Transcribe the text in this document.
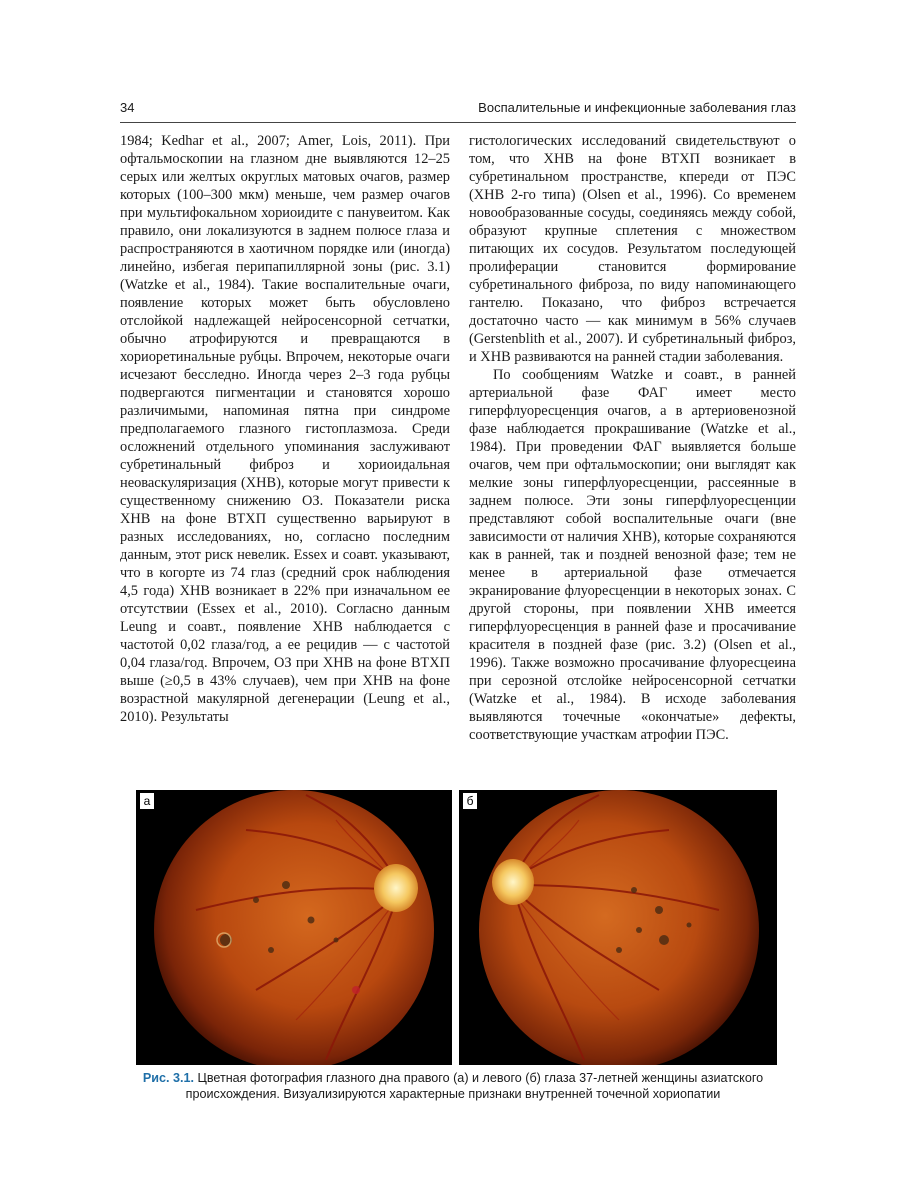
34	Воспалительные и инфекционные заболевания глаз

1984; Kedhar et al., 2007; Amer, Lois, 2011). При офтальмоскопии на глазном дне выявляются 12–25 серых или желтых округлых матовых очагов, размер которых (100–300 мкм) меньше, чем размер очагов при мультифокальном хориоидите с панувеитом. Как правило, они локализуются в заднем полюсе глаза и распространяются в хаотичном порядке или (иногда) линейно, избегая перипапиллярной зоны (рис. 3.1) (Watzke et al., 1984). Такие воспалительные очаги, появление которых может быть обусловлено отслойкой надлежащей нейросенсорной сетчатки, обычно атрофируются и превращаются в хориоретинальные рубцы. Впрочем, некоторые очаги исчезают бесследно. Иногда через 2–3 года рубцы подвергаются пигментации и становятся хорошо различимыми, напоминая пятна при синдроме предполагаемого глазного гистоплазмоза. Среди осложнений отдельного упоминания заслуживают субретинальный фиброз и хориоидальная неоваскуляризация (ХНВ), которые могут привести к существенному снижению ОЗ. Показатели риска ХНВ на фоне ВТХП существенно варьируют в разных исследованиях, но, согласно последним данным, этот риск невелик. Essex и соавт. указывают, что в когорте из 74 глаз (средний срок наблюдения 4,5 года) ХНВ возникает в 22% при изначальном ее отсутствии (Essex et al., 2010). Согласно данным Leung и соавт., появление ХНВ наблюдается с частотой 0,02 глаза/год, а ее рецидив — с частотой 0,04 глаза/год. Впрочем, ОЗ при ХНВ на фоне ВТХП выше (≥0,5 в 43% случаев), чем при ХНВ на фоне возрастной макулярной дегенерации (Leung et al., 2010). Результаты

гистологических исследований свидетельствуют о том, что ХНВ на фоне ВТХП возникает в субретинальном пространстве, кпереди от ПЭС (ХНВ 2-го типа) (Olsen et al., 1996). Со временем новообразованные сосуды, соединяясь между собой, образуют крупные сплетения с множеством питающих их сосудов. Результатом последующей пролиферации становится формирование субретинального фиброза, по виду напоминающего гантелю. Показано, что фиброз встречается достаточно часто — как минимум в 56% случаев (Gerstenblith et al., 2007). И субретинальный фиброз, и ХНВ развиваются на ранней стадии заболевания.

По сообщениям Watzke и соавт., в ранней артериальной фазе ФАГ имеет место гиперфлуоресценция очагов, а в артериовенозной фазе наблюдается прокрашивание (Watzke et al., 1984). При проведении ФАГ выявляется больше очагов, чем при офтальмоскопии; они выглядят как мелкие зоны гиперфлуоресценции, рассеянные в заднем полюсе. Эти зоны гиперфлуоресценции представляют собой воспалительные очаги (вне зависимости от наличия ХНВ), которые сохраняются как в ранней, так и поздней венозной фазе; тем не менее в артериальной фазе отмечается экранирование флуоресценции в некоторых зонах. С другой стороны, при появлении ХНВ имеется гиперфлуоресценция в ранней фазе и просачивание красителя в поздней фазе (рис. 3.2) (Olsen et al., 1996). Также возможно просачивание флуоресцеина при серозной отслойке нейросенсорной сетчатки (Watzke et al., 1984). В исходе заболевания выявляются точечные «окончатые» дефекты, соответствующие участкам атрофии ПЭС.

а	б
Рис. 3.1. Цветная фотография глазного дна правого (а) и левого (б) глаза 37-летней женщины азиатского происхождения. Визуализируются характерные признаки внутренней точечной хориопатии
